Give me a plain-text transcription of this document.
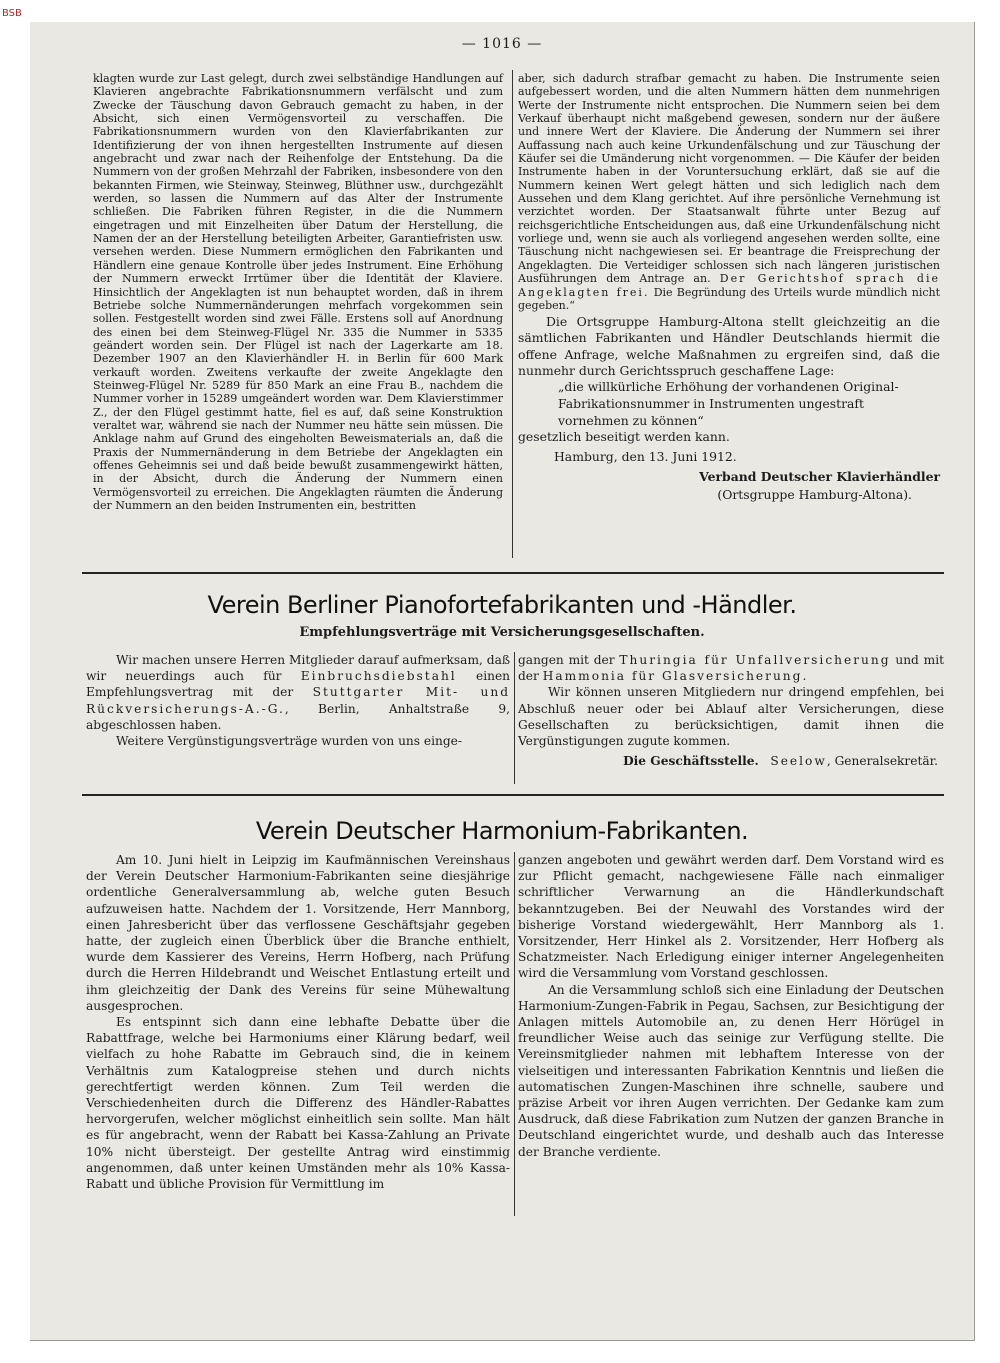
BSB
— 1016 —

klagten wurde zur Last gelegt, durch zwei selbständige Handlungen auf Klavieren angebrachte Fabrikationsnummern verfälscht und zum Zwecke der Täuschung davon Gebrauch gemacht zu haben, in der Absicht, sich einen Vermögensvorteil zu verschaffen. Die Fabrikationsnummern wurden von den Klavierfabrikanten zur Identifizierung der von ihnen hergestellten Instrumente auf diesen angebracht und zwar nach der Reihenfolge der Entstehung. Da die Nummern von der großen Mehrzahl der Fabriken, insbesondere von den bekannten Firmen, wie Steinway, Steinweg, Blüthner usw., durchgezählt werden, so lassen die Nummern auf das Alter der Instrumente schließen. Die Fabriken führen Register, in die die Nummern eingetragen und mit Einzelheiten über Datum der Herstellung, die Namen der an der Herstellung beteiligten Arbeiter, Garantiefristen usw. versehen werden. Diese Nummern ermöglichen den Fabrikanten und Händlern eine genaue Kontrolle über jedes Instrument. Eine Erhöhung der Nummern erweckt Irrtümer über die Identität der Klaviere. Hinsichtlich der Angeklagten ist nun behauptet worden, daß in ihrem Betriebe solche Nummernänderungen mehrfach vorgekommen sein sollen. Festgestellt worden sind zwei Fälle. Erstens soll auf Anordnung des einen bei dem Steinweg-Flügel Nr. 335 die Nummer in 5335 geändert worden sein. Der Flügel ist nach der Lagerkarte am 18. Dezember 1907 an den Klavierhändler H. in Berlin für 600 Mark verkauft worden. Zweitens verkaufte der zweite Angeklagte den Steinweg-Flügel Nr. 5289 für 850 Mark an eine Frau B., nachdem die Nummer vorher in 15289 umgeändert worden war. Dem Klavierstimmer Z., der den Flügel gestimmt hatte, fiel es auf, daß seine Konstruktion veraltet war, während sie nach der Nummer neu hätte sein müssen. Die Anklage nahm auf Grund des eingeholten Beweismaterials an, daß die Praxis der Nummernänderung in dem Betriebe der Angeklagten ein offenes Geheimnis sei und daß beide bewußt zusammengewirkt hätten, in der Absicht, durch die Änderung der Nummern einen Vermögensvorteil zu erreichen. Die Angeklagten räumten die Änderung der Nummern an den beiden Instrumenten ein, bestritten

aber, sich dadurch strafbar gemacht zu haben. Die Instrumente seien aufgebessert worden, und die alten Nummern hätten dem nunmehrigen Werte der Instrumente nicht entsprochen. Die Nummern seien bei dem Verkauf überhaupt nicht maßgebend gewesen, sondern nur der äußere und innere Wert der Klaviere. Die Änderung der Nummern sei ihrer Auffassung nach auch keine Urkundenfälschung und zur Täuschung der Käufer sei die Umänderung nicht vorgenommen. — Die Käufer der beiden Instrumente haben in der Voruntersuchung erklärt, daß sie auf die Nummern keinen Wert gelegt hätten und sich lediglich nach dem Aussehen und dem Klang gerichtet. Auf ihre persönliche Vernehmung ist verzichtet worden. Der Staatsanwalt führte unter Bezug auf reichsgerichtliche Entscheidungen aus, daß eine Urkundenfälschung nicht vorliege und, wenn sie auch als vorliegend angesehen werden sollte, eine Täuschung nicht nachgewiesen sei. Er beantrage die Freisprechung der Angeklagten. Die Verteidiger schlossen sich nach längeren juristischen Ausführungen dem Antrage an. Der Gerichtshof sprach die Angeklagten frei. Die Begründung des Urteils wurde mündlich nicht gegeben.“

Die Ortsgruppe Hamburg-Altona stellt gleichzeitig an die sämtlichen Fabrikanten und Händler Deutschlands hiermit die offene Anfrage, welche Maßnahmen zu ergreifen sind, daß die nunmehr durch Gerichtsspruch geschaffene Lage:

„die willkürliche Erhöhung der vorhandenen Original-Fabrikationsnummer in Instrumenten ungestraft vornehmen zu können“

gesetzlich beseitigt werden kann.

Hamburg, den 13. Juni 1912.

Verband Deutscher Klavierhändler

(Ortsgruppe Hamburg-Altona).

Verein Berliner Pianofortefabrikanten und -Händler.
Empfehlungsverträge mit Versicherungsgesellschaften.

Wir machen unsere Herren Mitglieder darauf aufmerksam, daß wir neuerdings auch für Einbruchsdiebstahl einen Empfehlungsvertrag mit der Stuttgarter Mit- und Rückversicherungs-A.-G., Berlin, Anhaltstraße 9, abgeschlossen haben.

Weitere Vergünstigungsverträge wurden von uns einge-

gangen mit der Thuringia für Unfallversicherung und mit der Hammonia für Glasversicherung.

Wir können unseren Mitgliedern nur dringend empfehlen, bei Abschluß neuer oder bei Ablauf alter Versicherungen, diese Gesellschaften zu berücksichtigen, damit ihnen die Vergünstigungen zugute kommen.

Die Geschäftsstelle. Seelow, Generalsekretär.

Verein Deutscher Harmonium-Fabrikanten.

Am 10. Juni hielt in Leipzig im Kaufmännischen Vereinshaus der Verein Deutscher Harmonium-Fabrikanten seine diesjährige ordentliche Generalversammlung ab, welche guten Besuch aufzuweisen hatte. Nachdem der 1. Vorsitzende, Herr Mannborg, einen Jahresbericht über das verflossene Geschäftsjahr gegeben hatte, der zugleich einen Überblick über die Branche enthielt, wurde dem Kassierer des Vereins, Herrn Hofberg, nach Prüfung durch die Herren Hildebrandt und Weischet Entlastung erteilt und ihm gleichzeitig der Dank des Vereins für seine Mühewaltung ausgesprochen.

Es entspinnt sich dann eine lebhafte Debatte über die Rabattfrage, welche bei Harmoniums einer Klärung bedarf, weil vielfach zu hohe Rabatte im Gebrauch sind, die in keinem Verhältnis zum Katalogpreise stehen und durch nichts gerechtfertigt werden können. Zum Teil werden die Verschiedenheiten durch die Differenz des Händler-Rabattes hervorgerufen, welcher möglichst einheitlich sein sollte. Man hält es für angebracht, wenn der Rabatt bei Kassa-Zahlung an Private 10% nicht übersteigt. Der gestellte Antrag wird einstimmig angenommen, daß unter keinen Umständen mehr als 10% Kassa-Rabatt und übliche Provision für Vermittlung im

ganzen angeboten und gewährt werden darf. Dem Vorstand wird es zur Pflicht gemacht, nachgewiesene Fälle nach einmaliger schriftlicher Verwarnung an die Händlerkundschaft bekanntzugeben. Bei der Neuwahl des Vorstandes wird der bisherige Vorstand wiedergewählt, Herr Mannborg als 1. Vorsitzender, Herr Hinkel als 2. Vorsitzender, Herr Hofberg als Schatzmeister. Nach Erledigung einiger interner Angelegenheiten wird die Versammlung vom Vorstand geschlossen.

An die Versammlung schloß sich eine Einladung der Deutschen Harmonium-Zungen-Fabrik in Pegau, Sachsen, zur Besichtigung der Anlagen mittels Automobile an, zu denen Herr Hörügel in freundlicher Weise auch das seinige zur Verfügung stellte. Die Vereinsmitglieder nahmen mit lebhaftem Interesse von der vielseitigen und interessanten Fabrikation Kenntnis und ließen die automatischen Zungen-Maschinen ihre schnelle, saubere und präzise Arbeit vor ihren Augen verrichten. Der Gedanke kam zum Ausdruck, daß diese Fabrikation zum Nutzen der ganzen Branche in Deutschland eingerichtet wurde, und deshalb auch das Interesse der Branche verdiente.
